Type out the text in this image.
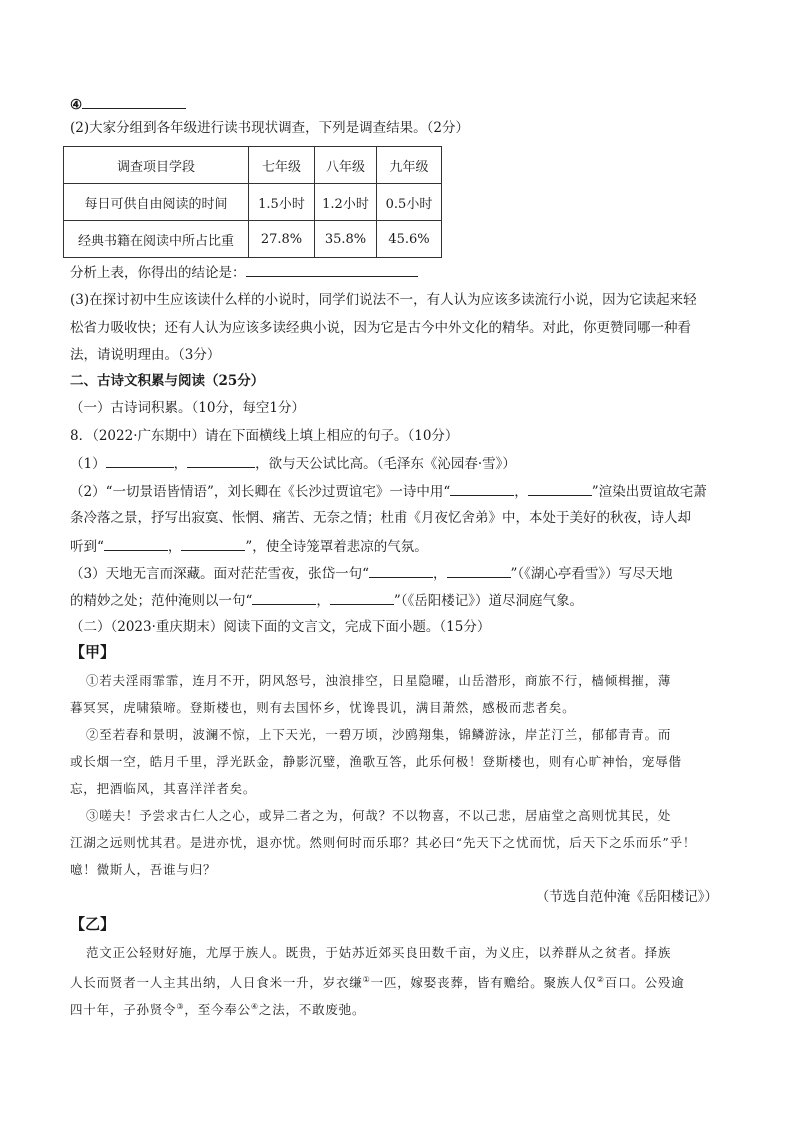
④
(2)大家分组到各年级进行读书现状调查，下列是调查结果。（2分）
调查项目学段	七年级	八年级	九年级
每日可供自由阅读的时间	1.5小时	1.2小时	0.5小时
经典书籍在阅读中所占比重	27.8%	35.8%	45.6%
分析上表，你得出的结论是：
(3)在探讨初中生应该读什么样的小说时，同学们说法不一，有人认为应该多读流行小说，因为它读起来轻
松省力吸收快；还有人认为应该多读经典小说，因为它是古今中外文化的精华。对此，你更赞同哪一种看
法，请说明理由。（3分）
二、古诗文积累与阅读（25分）
（一）古诗词积累。（10分，每空1分）
8．（2022·广东期中）请在下面横线上填上相应的句子。（10分）
（1）	，	，欲与天公试比高。（毛泽东《沁园春·雪》）
（2）“一切景语皆情语”，刘长卿在《长沙过贾谊宅》一诗中用“	，	”渲染出贾谊故宅萧
条冷落之景，抒写出寂寞、怅惘、痛苦、无奈之情；杜甫《月夜忆舍弟》中，本处于美好的秋夜，诗人却
听到“	，	”，使全诗笼罩着悲凉的气氛。
（3）天地无言而深藏。面对茫茫雪夜，张岱一句“	，	”（《湖心亭看雪》）写尽天地
的精妙之处；范仲淹则以一句“	，	”（《岳阳楼记》）道尽洞庭气象。
（二）（2023·重庆期末）阅读下面的文言文，完成下面小题。（15分）
【甲】
①若夫淫雨霏霏，连月不开，阴风怒号，浊浪排空，日星隐曜，山岳潜形，商旅不行，樯倾楫摧，薄
暮冥冥，虎啸猿啼。登斯楼也，则有去国怀乡，忧谗畏讥，满目萧然，感极而悲者矣。
②至若春和景明，波澜不惊，上下天光，一碧万顷，沙鸥翔集，锦鳞游泳，岸芷汀兰，郁郁青青。而
或长烟一空，皓月千里，浮光跃金，静影沉璧，渔歌互答，此乐何极！登斯楼也，则有心旷神怡，宠辱偕
忘，把酒临风，其喜洋洋者矣。
③嗟夫！予尝求古仁人之心，或异二者之为，何哉？不以物喜，不以己悲，居庙堂之高则忧其民，处
江湖之远则忧其君。是进亦忧，退亦忧。然则何时而乐耶？其必曰“先天下之忧而忧，后天下之乐而乐”乎！
噫！微斯人，吾谁与归？
（节选自范仲淹《岳阳楼记》）
【乙】
范文正公轻财好施，尤厚于族人。既贵，于姑苏近郊买良田数千亩，为义庄，以养群从之贫者。择族
人长而贤者一人主其出纳，人日食米一升，岁衣缣①一匹，嫁娶丧葬，皆有赡给。聚族人仅②百口。公殁逾
四十年，子孙贤令③，至今奉公④之法，不敢废弛。
